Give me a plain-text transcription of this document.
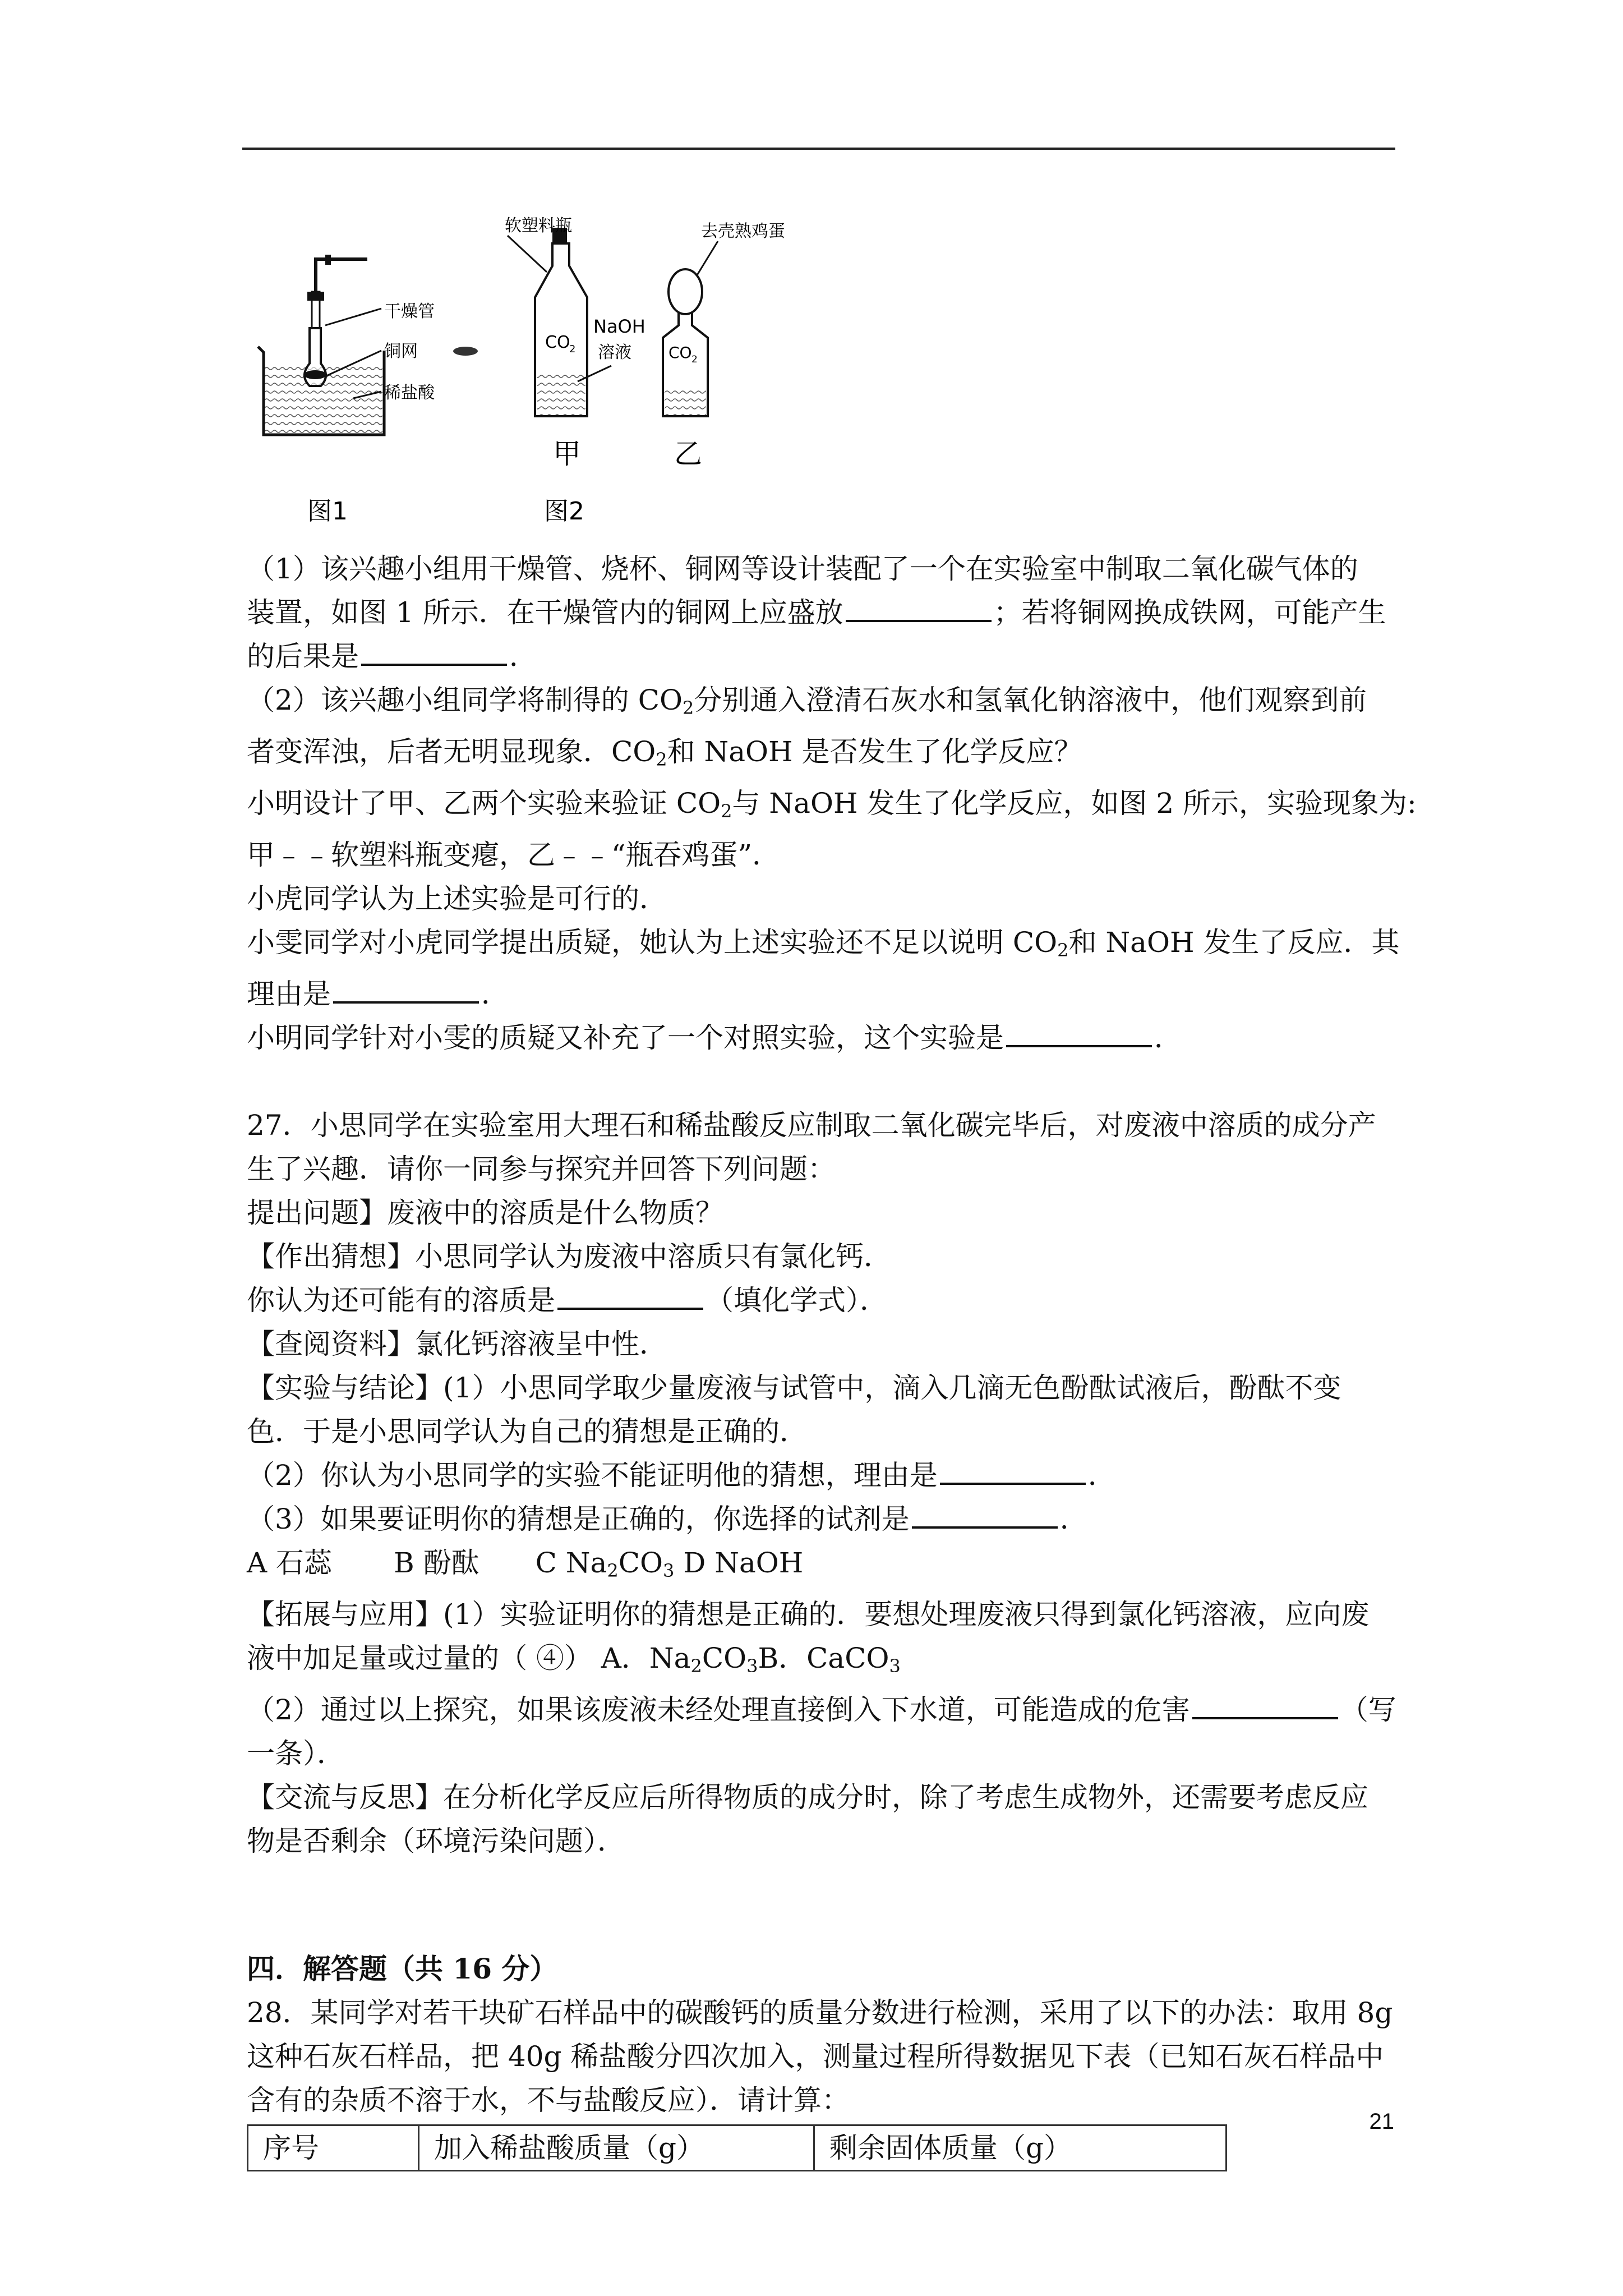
干燥管
铜网
稀盐酸
图1
CO
2
软塑料瓶
NaOH
溶液
甲
CO 2
去壳熟鸡蛋
乙
图2

（1）该兴趣小组用干燥管、烧杯、铜网等设计装配了一个在实验室中制取二氧化碳气体的

装置，如图 1 所示．在干燥管内的铜网上应盛放	；若将铜网换成铁网，可能产生

的后果是	．

（2）该兴趣小组同学将制得的 $CO_2$分别通入澄清石灰水和氢氧化钠溶液中，他们观察到前

者变浑浊，后者无明显现象．$CO_2$和 NaOH 是否发生了化学反应？

小明设计了甲、乙两个实验来验证 $CO_2$与 NaOH 发生了化学反应，如图 2 所示，实验现象为:

甲﹣﹣软塑料瓶变瘪，乙﹣﹣“瓶吞鸡蛋”．

小虎同学认为上述实验是可行的．

小雯同学对小虎同学提出质疑，她认为上述实验还不足以说明 $CO_2$和 NaOH 发生了反应．其

理由是	．

小明同学针对小雯的质疑又补充了一个对照实验，这个实验是	．

27．小思同学在实验室用大理石和稀盐酸反应制取二氧化碳完毕后，对废液中溶质的成分产

生了兴趣．请你一同参与探究并回答下列问题：

提出问题】废液中的溶质是什么物质？

【作出猜想】小思同学认为废液中溶质只有氯化钙．

你认为还可能有的溶质是	（填化学式）．

【查阅资料】氯化钙溶液呈中性．

【实验与结论】(1）小思同学取少量废液与试管中，滴入几滴无色酚酞试液后，酚酞不变

色．于是小思同学认为自己的猜想是正确的．

（2）你认为小思同学的实验不能证明他的猜想，理由是	．

（3）如果要证明你的猜想是正确的，你选择的试剂是	．

A 石蕊 B 酚酞 C $Na_2CO_3$ D NaOH

【拓展与应用】(1）实验证明你的猜想是正确的．要想处理废液只得到氯化钙溶液，应向废

液中加足量或过量的（ ④） A．$Na_2CO_3B$．CaCO$_3$

（2）通过以上探究，如果该废液未经处理直接倒入下水道，可能造成的危害	（写

一条）．

【交流与反思】在分析化学反应后所得物质的成分时，除了考虑生成物外，还需要考虑反应

物是否剩余（环境污染问题）．

四．解答题（共 16 分）

28．某同学对若干块矿石样品中的碳酸钙的质量分数进行检测，采用了以下的办法：取用 8g

这种石灰石样品，把 40g 稀盐酸分四次加入，测量过程所得数据见下表（已知石灰石样品中

含有的杂质不溶于水，不与盐酸反应）．请计算：

序号	加入稀盐酸质量（g）	剩余固体质量（g）
21
